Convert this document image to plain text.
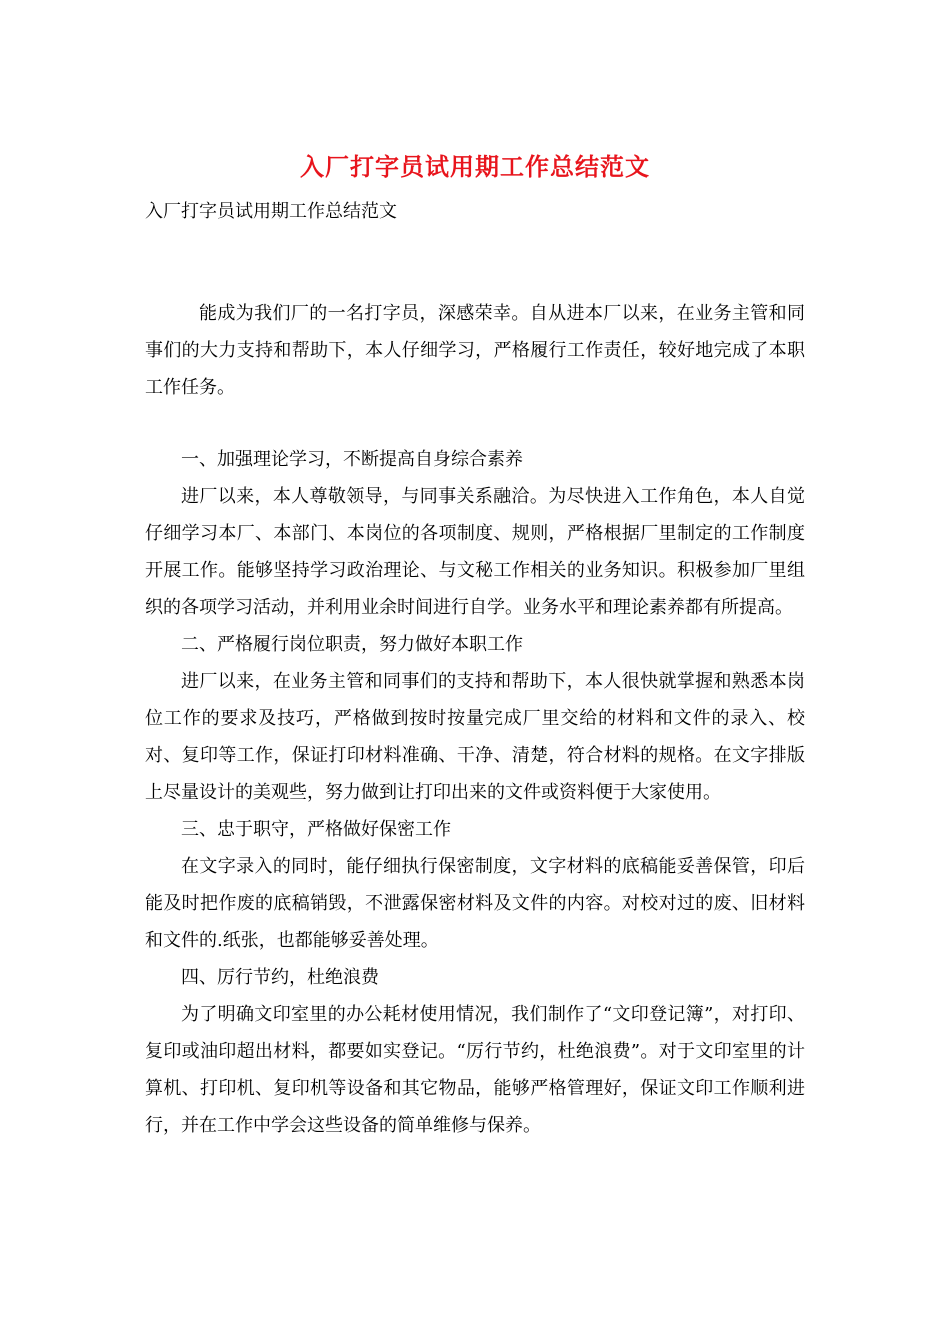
入厂打字员试用期工作总结范文
入厂打字员试用期工作总结范文

能成为我们厂的一名打字员，深感荣幸。自从进本厂以来，在业务主管和同事们的大力支持和帮助下，本人仔细学习，严格履行工作责任，较好地完成了本职工作任务。

一、加强理论学习，不断提高自身综合素养

进厂以来，本人尊敬领导，与同事关系融洽。为尽快进入工作角色，本人自觉仔细学习本厂、本部门、本岗位的各项制度、规则，严格根据厂里制定的工作制度开展工作。能够坚持学习政治理论、与文秘工作相关的业务知识。积极参加厂里组织的各项学习活动，并利用业余时间进行自学。业务水平和理论素养都有所提高。

二、严格履行岗位职责，努力做好本职工作

进厂以来，在业务主管和同事们的支持和帮助下，本人很快就掌握和熟悉本岗位工作的要求及技巧，严格做到按时按量完成厂里交给的材料和文件的录入、校对、复印等工作，保证打印材料准确、干净、清楚，符合材料的规格。在文字排版上尽量设计的美观些，努力做到让打印出来的文件或资料便于大家使用。

三、忠于职守，严格做好保密工作

在文字录入的同时，能仔细执行保密制度，文字材料的底稿能妥善保管，印后能及时把作废的底稿销毁，不泄露保密材料及文件的内容。对校对过的废、旧材料和文件的.纸张，也都能够妥善处理。

四、厉行节约，杜绝浪费

为了明确文印室里的办公耗材使用情况，我们制作了“文印登记簿”，对打印、复印或油印超出材料，都要如实登记。“厉行节约，杜绝浪费”。对于文印室里的计算机、打印机、复印机等设备和其它物品，能够严格管理好，保证文印工作顺利进行，并在工作中学会这些设备的简单维修与保养。
